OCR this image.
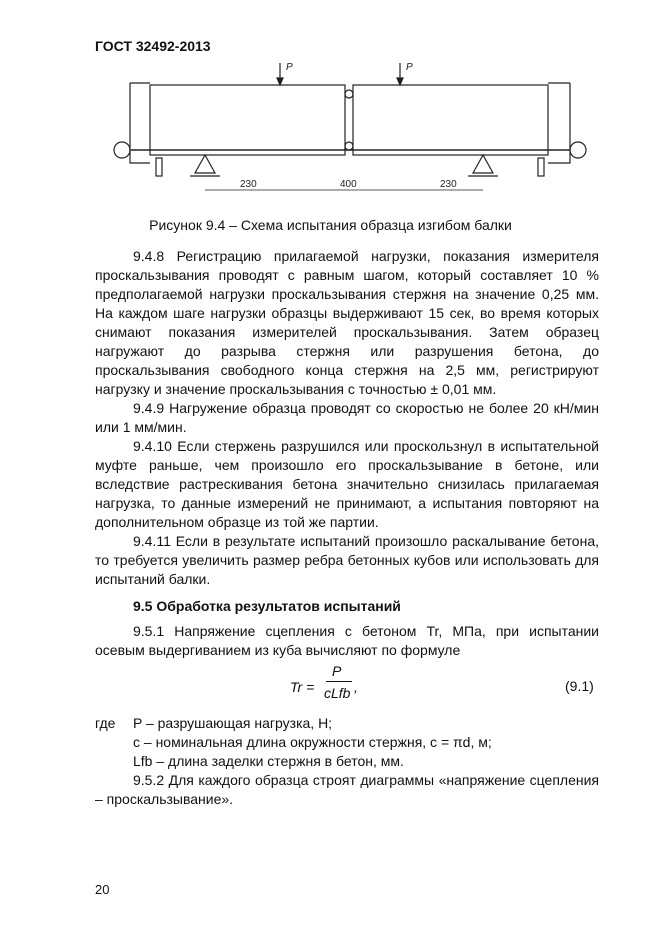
ГОСТ 32492-2013
P	P
230	400	230
Рисунок 9.4 – Схема испытания образца изгибом балки

9.4.8 Регистрацию прилагаемой нагрузки, показания измерителя проскальзывания проводят с равным шагом, который составляет 10 % предполагаемой нагрузки проскальзывания стержня на значение 0,25 мм. На каждом шаге нагрузки образцы выдерживают 15 сек, во время которых снимают показания измерителей проскальзывания. Затем образец нагружают до разрыва стержня или разрушения бетона, до проскальзывания свободного конца стержня на 2,5 мм, регистрируют нагрузку и значение проскальзывания с точностью ± 0,01 мм.

9.4.9 Нагружение образца проводят со скоростью не более 20 кН/мин или 1 мм/мин.

9.4.10 Если стержень разрушился или проскользнул в испытательной муфте раньше, чем произошло его проскальзывание в бетоне, или вследствие растрескивания бетона значительно снизилась прилагаемая нагрузка, то данные измерений не принимают, а испытания повторяют на дополнительном образце из той же партии.

9.4.11 Если в результате испытаний произошло раскалывание бетона, то требуется увеличить размер ребра бетонных кубов или использовать для испытаний балки.

9.5 Обработка результатов испытаний

9.5.1 Напряжение сцепления с бетоном Tr, МПа, при испытании осевым выдергиванием из куба вычисляют по формуле

Tr =
P
cLfb ,	(9.1)
где	P – разрушающая нагрузка, Н;
c – номинальная длина окружности стержня, c = πd, м;
Lfb – длина заделки стержня в бетон, мм.

9.5.2 Для каждого образца строят диаграммы «напряжение сцепления – проскальзывание».

20
